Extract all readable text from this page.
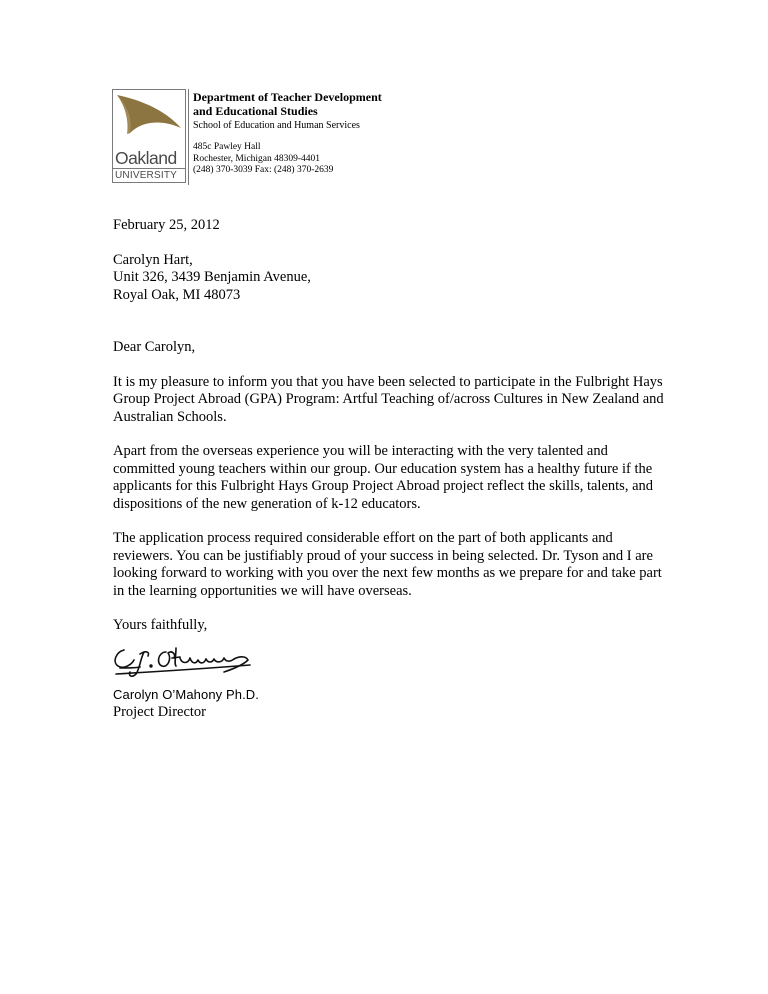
Oakland
UNIVERSITY
Department of Teacher Development
and Educational Studies
School of Education and Human Services
485c Pawley Hall
Rochester, Michigan 48309-4401
(248) 370-3039 Fax: (248) 370-2639

February 25, 2012

Carolyn Hart,
Unit 326, 3439 Benjamin Avenue,
Royal Oak, MI 48073

Dear Carolyn,

It is my pleasure to inform you that you have been selected to participate in the Fulbright Hays Group Project Abroad (GPA) Program: Artful Teaching of/across Cultures in New Zealand and Australian Schools.

Apart from the overseas experience you will be interacting with the very talented and committed young teachers within our group. Our education system has a healthy future if the applicants for this Fulbright Hays Group Project Abroad project reflect the skills, talents, and dispositions of the new generation of k-12 educators.

The application process required considerable effort on the part of both applicants and reviewers. You can be justifiably proud of your success in being selected. Dr. Tyson and I are looking forward to working with you over the next few months as we prepare for and take part in the learning opportunities we will have overseas.

Yours faithfully,

Carolyn O’Mahony Ph.D.
Project Director
